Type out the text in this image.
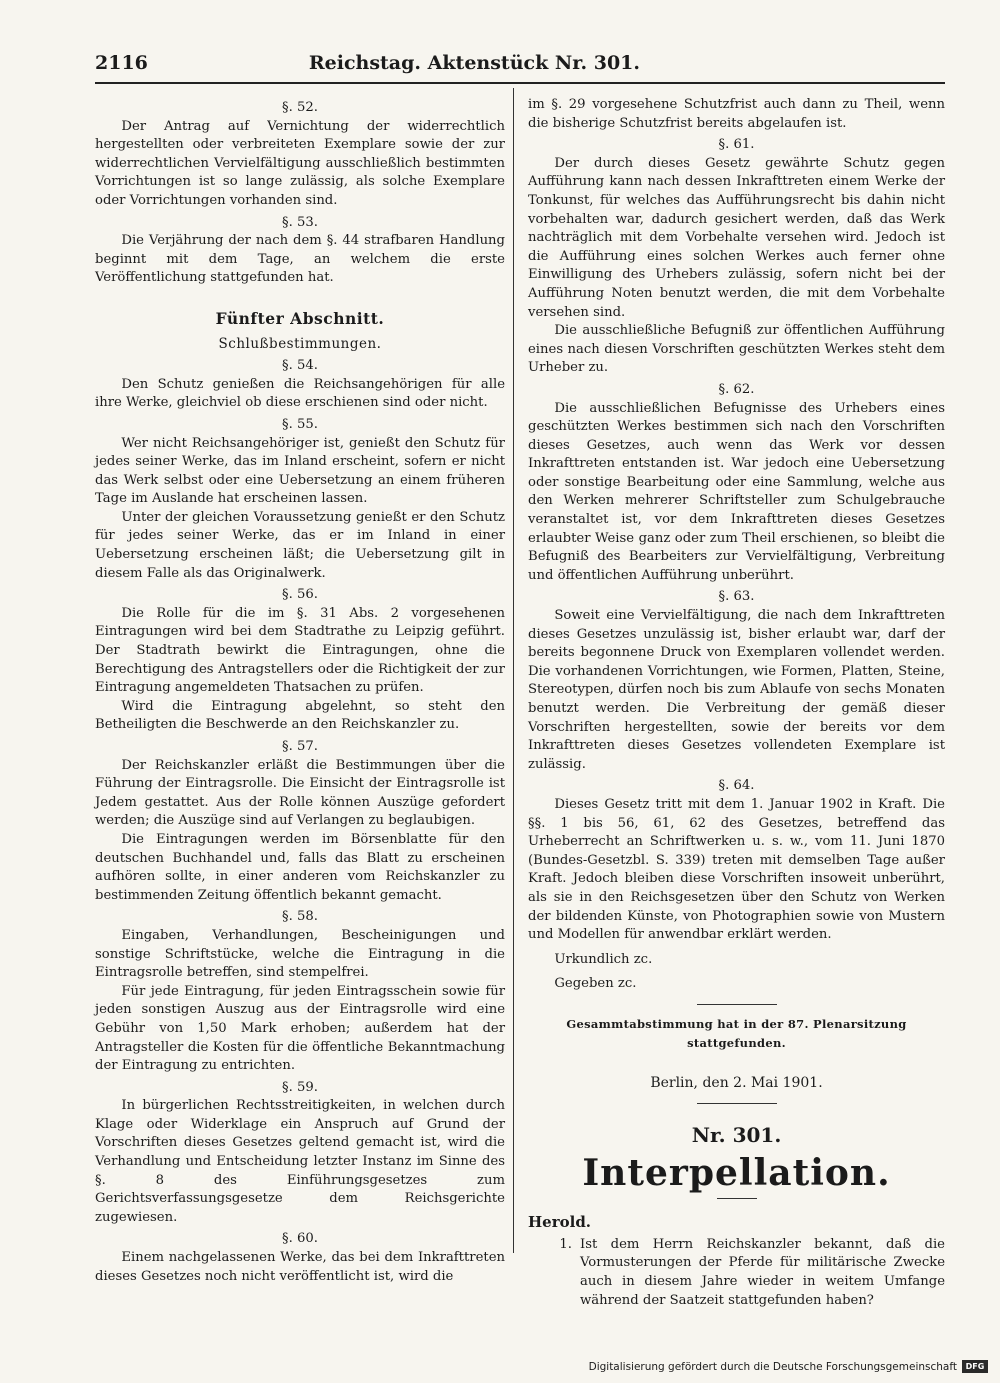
2116	Reichstag. Aktenstück Nr. 301.
§. 52.

Der Antrag auf Vernichtung der widerrechtlich hergestellten oder verbreiteten Exemplare sowie der zur widerrechtlichen Vervielfältigung ausschließlich bestimmten Vorrichtungen ist so lange zulässig, als solche Exemplare oder Vorrichtungen vorhanden sind.

§. 53.

Die Verjährung der nach dem §. 44 strafbaren Handlung beginnt mit dem Tage, an welchem die erste Veröffentlichung stattgefunden hat.

Fünfter Abschnitt.
Schlußbestimmungen.
§. 54.

Den Schutz genießen die Reichsangehörigen für alle ihre Werke, gleichviel ob diese erschienen sind oder nicht.

§. 55.

Wer nicht Reichsangehöriger ist, genießt den Schutz für jedes seiner Werke, das im Inland erscheint, sofern er nicht das Werk selbst oder eine Uebersetzung an einem früheren Tage im Auslande hat erscheinen lassen.

Unter der gleichen Voraussetzung genießt er den Schutz für jedes seiner Werke, das er im Inland in einer Uebersetzung erscheinen läßt; die Uebersetzung gilt in diesem Falle als das Originalwerk.

§. 56.

Die Rolle für die im §. 31 Abs. 2 vorgesehenen Eintragungen wird bei dem Stadtrathe zu Leipzig geführt. Der Stadtrath bewirkt die Eintragungen, ohne die Berechtigung des Antragstellers oder die Richtigkeit der zur Eintragung angemeldeten Thatsachen zu prüfen.

Wird die Eintragung abgelehnt, so steht den Betheiligten die Beschwerde an den Reichskanzler zu.

§. 57.

Der Reichskanzler erläßt die Bestimmungen über die Führung der Eintragsrolle. Die Einsicht der Eintragsrolle ist Jedem gestattet. Aus der Rolle können Auszüge gefordert werden; die Auszüge sind auf Verlangen zu beglaubigen.

Die Eintragungen werden im Börsenblatte für den deutschen Buchhandel und, falls das Blatt zu erscheinen aufhören sollte, in einer anderen vom Reichskanzler zu bestimmenden Zeitung öffentlich bekannt gemacht.

§. 58.

Eingaben, Verhandlungen, Bescheinigungen und sonstige Schriftstücke, welche die Eintragung in die Eintragsrolle betreffen, sind stempelfrei.

Für jede Eintragung, für jeden Eintragsschein sowie für jeden sonstigen Auszug aus der Eintragsrolle wird eine Gebühr von 1,50 Mark erhoben; außerdem hat der Antragsteller die Kosten für die öffentliche Bekanntmachung der Eintragung zu entrichten.

§. 59.

In bürgerlichen Rechtsstreitigkeiten, in welchen durch Klage oder Widerklage ein Anspruch auf Grund der Vorschriften dieses Gesetzes geltend gemacht ist, wird die Verhandlung und Entscheidung letzter Instanz im Sinne des §. 8 des Einführungsgesetzes zum Gerichtsverfassungsgesetze dem Reichsgerichte zugewiesen.

§. 60.

Einem nachgelassenen Werke, das bei dem Inkrafttreten dieses Gesetzes noch nicht veröffentlicht ist, wird die

im §. 29 vorgesehene Schutzfrist auch dann zu Theil, wenn die bisherige Schutzfrist bereits abgelaufen ist.

§. 61.

Der durch dieses Gesetz gewährte Schutz gegen Aufführung kann nach dessen Inkrafttreten einem Werke der Tonkunst, für welches das Aufführungsrecht bis dahin nicht vorbehalten war, dadurch gesichert werden, daß das Werk nachträglich mit dem Vorbehalte versehen wird. Jedoch ist die Aufführung eines solchen Werkes auch ferner ohne Einwilligung des Urhebers zulässig, sofern nicht bei der Aufführung Noten benutzt werden, die mit dem Vorbehalte versehen sind.

Die ausschließliche Befugniß zur öffentlichen Aufführung eines nach diesen Vorschriften geschützten Werkes steht dem Urheber zu.

§. 62.

Die ausschließlichen Befugnisse des Urhebers eines geschützten Werkes bestimmen sich nach den Vorschriften dieses Gesetzes, auch wenn das Werk vor dessen Inkrafttreten entstanden ist. War jedoch eine Uebersetzung oder sonstige Bearbeitung oder eine Sammlung, welche aus den Werken mehrerer Schriftsteller zum Schulgebrauche veranstaltet ist, vor dem Inkrafttreten dieses Gesetzes erlaubter Weise ganz oder zum Theil erschienen, so bleibt die Befugniß des Bearbeiters zur Vervielfältigung, Verbreitung und öffentlichen Aufführung unberührt.

§. 63.

Soweit eine Vervielfältigung, die nach dem Inkrafttreten dieses Gesetzes unzulässig ist, bisher erlaubt war, darf der bereits begonnene Druck von Exemplaren vollendet werden. Die vorhandenen Vorrichtungen, wie Formen, Platten, Steine, Stereotypen, dürfen noch bis zum Ablaufe von sechs Monaten benutzt werden. Die Verbreitung der gemäß dieser Vorschriften hergestellten, sowie der bereits vor dem Inkrafttreten dieses Gesetzes vollendeten Exemplare ist zulässig.

§. 64.

Dieses Gesetz tritt mit dem 1. Januar 1902 in Kraft. Die §§. 1 bis 56, 61, 62 des Gesetzes, betreffend das Urheberrecht an Schriftwerken u. s. w., vom 11. Juni 1870 (Bundes-Gesetzbl. S. 339) treten mit demselben Tage außer Kraft. Jedoch bleiben diese Vorschriften insoweit unberührt, als sie in den Reichsgesetzen über den Schutz von Werken der bildenden Künste, von Photographien sowie von Mustern und Modellen für anwendbar erklärt werden.

Urkundlich zc.
Gegeben zc.
Gesammtabstimmung hat in der 87. Plenarsitzung stattgefunden.
Berlin, den 2. Mai 1901.
Nr. 301.
Interpellation.
Herold.
1. Ist dem Herrn Reichskanzler bekannt, daß die Vormusterungen der Pferde für militärische Zwecke auch in diesem Jahre wieder in weitem Umfange während der Saatzeit stattgefunden haben?
Digitalisierung gefördert durch die Deutsche Forschungsgemeinschaft	DFG
